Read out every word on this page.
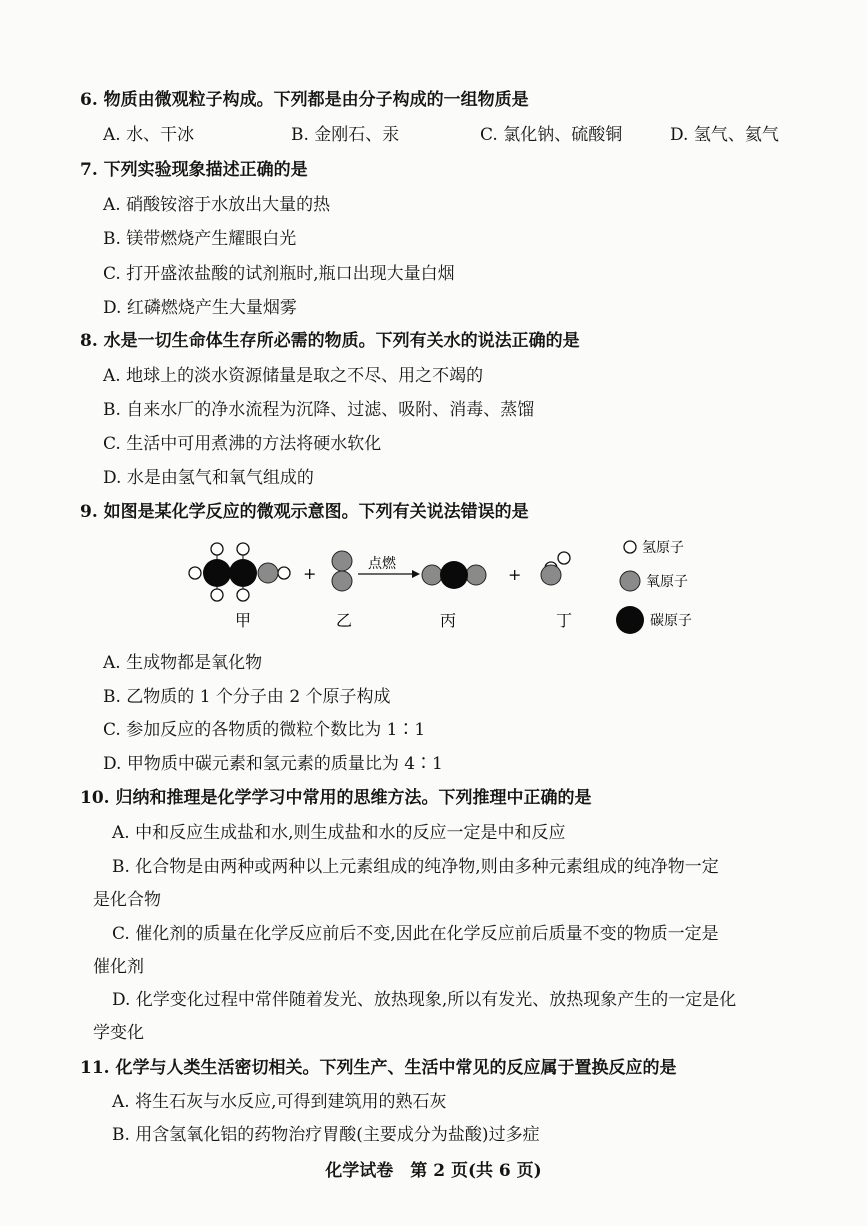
6. 物质由微观粒子构成。下列都是由分子构成的一组物质是
A. 水、干冰	B. 金刚石、汞	C. 氯化钠、硫酸铜	D. 氢气、氦气
7. 下列实验现象描述正确的是
A. 硝酸铵溶于水放出大量的热
B. 镁带燃烧产生耀眼白光
C. 打开盛浓盐酸的试剂瓶时,瓶口出现大量白烟
D. 红磷燃烧产生大量烟雾
8. 水是一切生命体生存所必需的物质。下列有关水的说法正确的是
A. 地球上的淡水资源储量是取之不尽、用之不竭的
B. 自来水厂的净水流程为沉降、过滤、吸附、消毒、蒸馏
C. 生活中可用煮沸的方法将硬水软化
D. 水是由氢气和氧气组成的
9. 如图是某化学反应的微观示意图。下列有关说法错误的是
+	点燃
+
甲	乙	丙	丁
氢原子
氧原子
碳原子
A. 生成物都是氧化物
B. 乙物质的 1 个分子由 2 个原子构成
C. 参加反应的各物质的微粒个数比为 1∶1
D. 甲物质中碳元素和氢元素的质量比为 4∶1
10. 归纳和推理是化学学习中常用的思维方法。下列推理中正确的是
A. 中和反应生成盐和水,则生成盐和水的反应一定是中和反应
B. 化合物是由两种或两种以上元素组成的纯净物,则由多种元素组成的纯净物一定
是化合物
C. 催化剂的质量在化学反应前后不变,因此在化学反应前后质量不变的物质一定是
催化剂
D. 化学变化过程中常伴随着发光、放热现象,所以有发光、放热现象产生的一定是化
学变化
11. 化学与人类生活密切相关。下列生产、生活中常见的反应属于置换反应的是
A. 将生石灰与水反应,可得到建筑用的熟石灰
B. 用含氢氧化铝的药物治疗胃酸(主要成分为盐酸)过多症
化学试卷　第 2 页(共 6 页)
